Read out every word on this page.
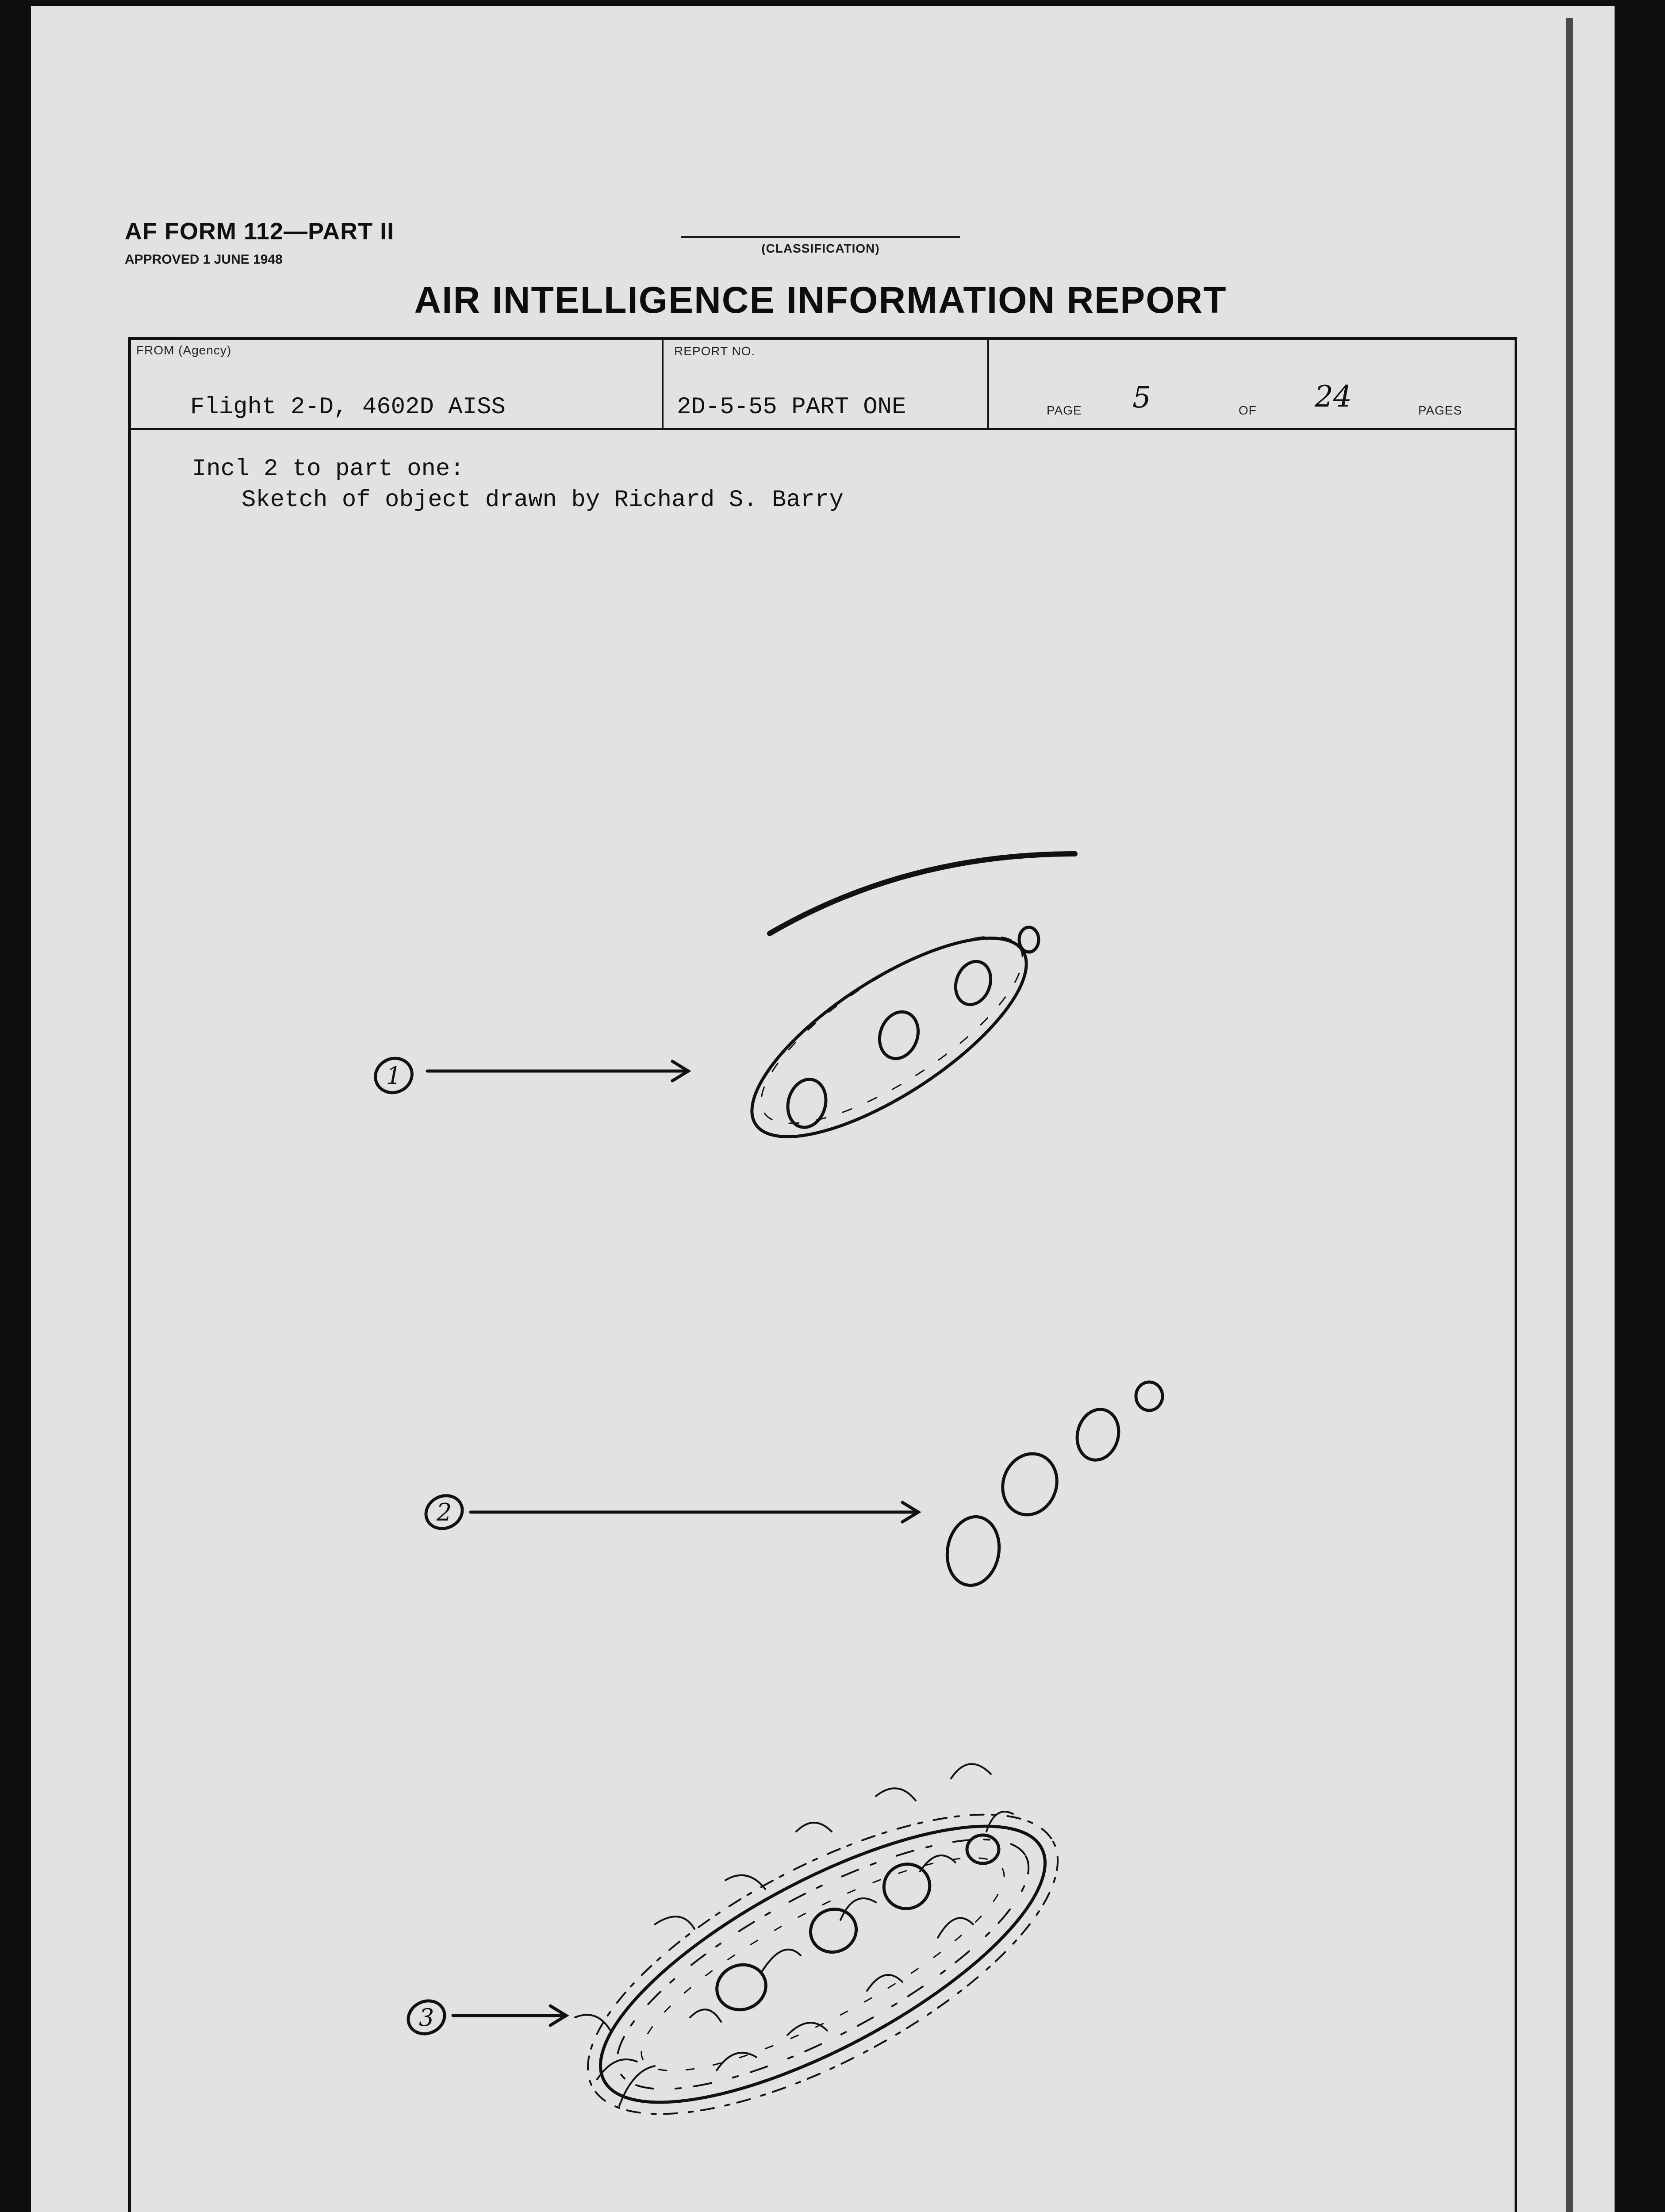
AF FORM 112—PART II
APPROVED 1 JUNE 1948
(CLASSIFICATION)
AIR INTELLIGENCE INFORMATION REPORT
FROM (Agency)
Flight 2-D, 4602D AISS
REPORT NO.
2D-5-55 PART ONE	PAGE 5	OF 24	PAGES
Incl 2 to part one:
Sketch of object drawn by Richard S. Barry
1
2
3
